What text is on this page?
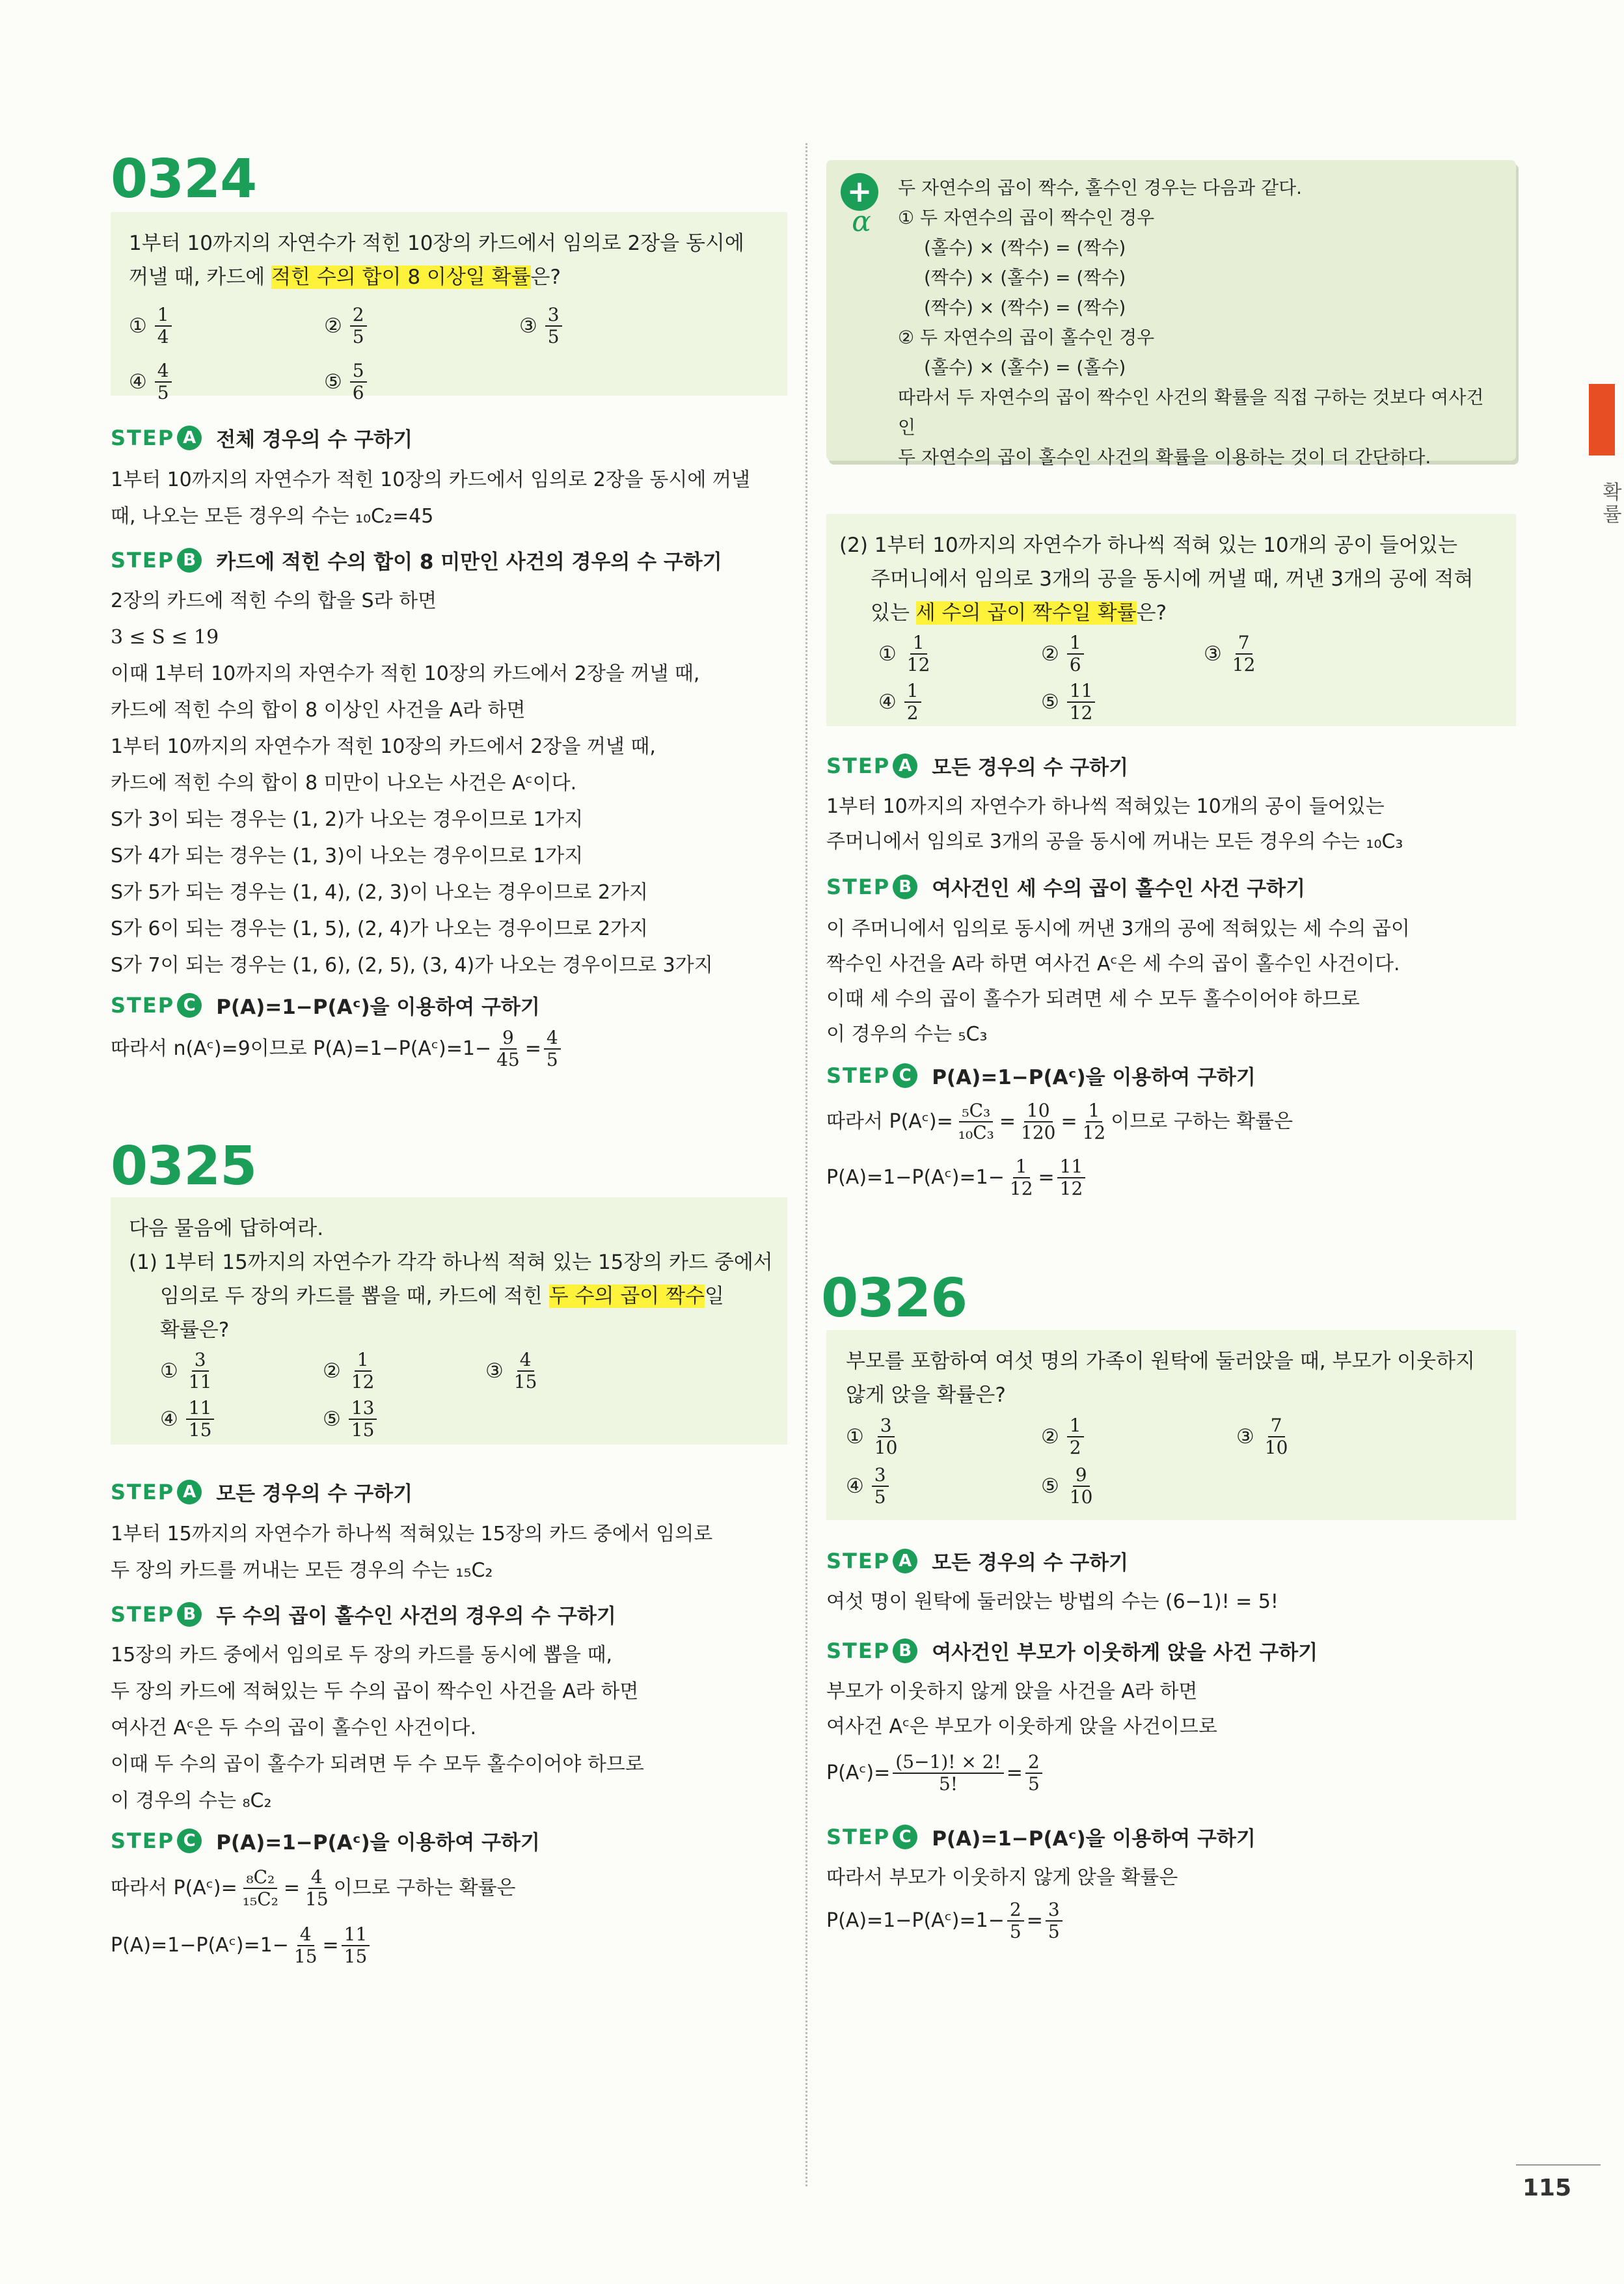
0324
1부터 10까지의 자연수가 적힌 10장의 카드에서 임의로 2장을 동시에
꺼낼 때, 카드에 적힌 수의 합이 8 이상일 확률은?
① $\frac{1}{4}$	② $\frac{2}{5}$	③ $\frac{3}{5}$
④ $\frac{4}{5}$	⑤ $\frac{5}{6}$
STEP A 전체 경우의 수 구하기
1부터 10까지의 자연수가 적힌 10장의 카드에서 임의로 2장을 동시에 꺼낼
때, 나오는 모든 경우의 수는 ₁₀C₂=45
STEP B 카드에 적힌 수의 합이 8 미만인 사건의 경우의 수 구하기
2장의 카드에 적힌 수의 합을 S라 하면
3 ≤ S ≤ 19
이때 1부터 10까지의 자연수가 적힌 10장의 카드에서 2장을 꺼낼 때,
카드에 적힌 수의 합이 8 이상인 사건을 A라 하면
1부터 10까지의 자연수가 적힌 10장의 카드에서 2장을 꺼낼 때,
카드에 적힌 수의 합이 8 미만이 나오는 사건은 Aᶜ이다.
S가 3이 되는 경우는 (1, 2)가 나오는 경우이므로 1가지
S가 4가 되는 경우는 (1, 3)이 나오는 경우이므로 1가지
S가 5가 되는 경우는 (1, 4), (2, 3)이 나오는 경우이므로 2가지
S가 6이 되는 경우는 (1, 5), (2, 4)가 나오는 경우이므로 2가지
S가 7이 되는 경우는 (1, 6), (2, 5), (3, 4)가 나오는 경우이므로 3가지
STEP C	P(A)=1−P(Aᶜ)을 이용하여 구하기
따라서 n(Aᶜ)=9이므로 P(A)=1−P(Aᶜ)=1− $\frac{9}{45} = \frac{4}{5}$
0325
다음 물음에 답하여라.
(1) 1부터 15까지의 자연수가 각각 하나씩 적혀 있는 15장의 카드 중에서
임의로 두 장의 카드를 뽑을 때, 카드에 적힌 두 수의 곱이 짝수일
확률은?
① $\frac{3}{11}$	② $\frac{1}{12}$	③ $\frac{4}{15}$
④ $\frac{11}{15}$	⑤ $\frac{13}{15}$
STEP A 모든 경우의 수 구하기
1부터 15까지의 자연수가 하나씩 적혀있는 15장의 카드 중에서 임의로
두 장의 카드를 꺼내는 모든 경우의 수는 ₁₅C₂
STEP B 두 수의 곱이 홀수인 사건의 경우의 수 구하기
15장의 카드 중에서 임의로 두 장의 카드를 동시에 뽑을 때,
두 장의 카드에 적혀있는 두 수의 곱이 짝수인 사건을 A라 하면
여사건 Aᶜ은 두 수의 곱이 홀수인 사건이다.
이때 두 수의 곱이 홀수가 되려면 두 수 모두 홀수이어야 하므로
이 경우의 수는 ₈C₂
STEP C	P(A)=1−P(Aᶜ)을 이용하여 구하기
따라서 P(Aᶜ)= $\frac{\text{₈C₂}}{\text{₁₅C₂}} = \frac{4}{15}$ 이므로 구하는 확률은
P(A)=1−P(Aᶜ)=1− $\frac{4}{15} = \frac{11}{15}$
+
α
두 자연수의 곱이 짝수, 홀수인 경우는 다음과 같다.
① 두 자연수의 곱이 짝수인 경우
(홀수) × (짝수) = (짝수)
(짝수) × (홀수) = (짝수)
(짝수) × (짝수) = (짝수)
② 두 자연수의 곱이 홀수인 경우
(홀수) × (홀수) = (홀수)
따라서 두 자연수의 곱이 짝수인 사건의 확률을 직접 구하는 것보다 여사건인
두 자연수의 곱이 홀수인 사건의 확률을 이용하는 것이 더 간단하다.
(2) 1부터 10까지의 자연수가 하나씩 적혀 있는 10개의 공이 들어있는
주머니에서 임의로 3개의 공을 동시에 꺼낼 때, 꺼낸 3개의 공에 적혀
있는 세 수의 곱이 짝수일 확률은?
① $\frac{1}{12}$	② $\frac{1}{6}$	③ $\frac{7}{12}$
④ $\frac{1}{2}$	⑤ $\frac{11}{12}$
STEP A 모든 경우의 수 구하기
1부터 10까지의 자연수가 하나씩 적혀있는 10개의 공이 들어있는
주머니에서 임의로 3개의 공을 동시에 꺼내는 모든 경우의 수는 ₁₀C₃
STEP B 여사건인 세 수의 곱이 홀수인 사건 구하기
이 주머니에서 임의로 동시에 꺼낸 3개의 공에 적혀있는 세 수의 곱이
짝수인 사건을 A라 하면 여사건 Aᶜ은 세 수의 곱이 홀수인 사건이다.
이때 세 수의 곱이 홀수가 되려면 세 수 모두 홀수이어야 하므로
이 경우의 수는 ₅C₃
STEP C	P(A)=1−P(Aᶜ)을 이용하여 구하기
따라서 P(Aᶜ)= $\frac{\text{₅C₃}}{\text{₁₀C₃}} = \frac{10}{120} = \frac{1}{12}$ 이므로 구하는 확률은
P(A)=1−P(Aᶜ)=1− $\frac{1}{12} = \frac{11}{12}$
0326
부모를 포함하여 여섯 명의 가족이 원탁에 둘러앉을 때, 부모가 이웃하지
않게 앉을 확률은?
① $\frac{3}{10}$	② $\frac{1}{2}$	③ $\frac{7}{10}$
④ $\frac{3}{5}$	⑤ $\frac{9}{10}$
STEP A 모든 경우의 수 구하기
여섯 명이 원탁에 둘러앉는 방법의 수는 (6−1)! = 5!
STEP B 여사건인 부모가 이웃하게 앉을 사건 구하기
부모가 이웃하지 않게 앉을 사건을 A라 하면
여사건 Aᶜ은 부모가 이웃하게 앉을 사건이므로
P(Aᶜ)= $\frac{(5-1)! \times 2!}{5!} = \frac{2}{5}$
STEP C	P(A)=1−P(Aᶜ)을 이용하여 구하기
따라서 부모가 이웃하지 않게 앉을 확률은
P(A)=1−P(Aᶜ)=1− $\frac{2}{5} = \frac{3}{5}$
확률
115
